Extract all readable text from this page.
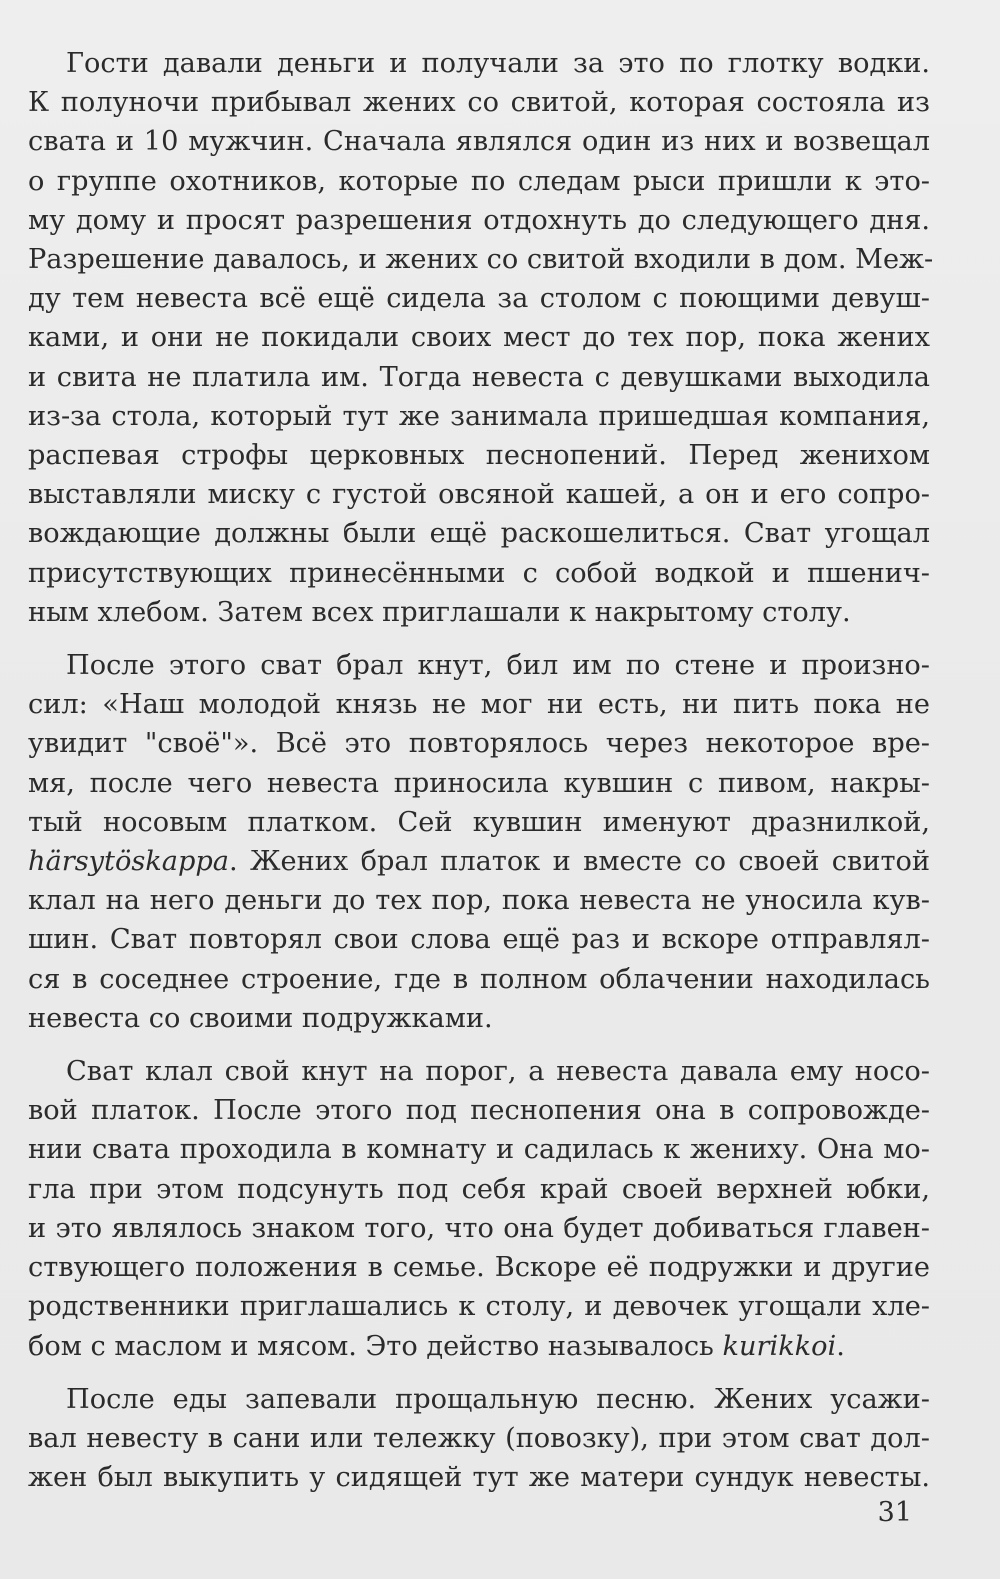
Гости давали деньги и получали за это по глотку водки.
К полуночи прибывал жених со свитой, которая состояла из
свата и 10 мужчин. Сначала являлся один из них и возвещал
о группе охотников, которые по следам рыси пришли к это-
му дому и просят разрешения отдохнуть до следующего дня.
Разрешение давалось, и жених со свитой входили в дом. Меж-
ду тем невеста всё ещё сидела за столом с поющими девуш-
ками, и они не покидали своих мест до тех пор, пока жених
и свита не платила им. Тогда невеста с девушками выходила
из-за стола, который тут же занимала пришедшая компания,
распевая строфы церковных песнопений. Перед женихом
выставляли миску с густой овсяной кашей, а он и его сопро-
вождающие должны были ещё раскошелиться. Сват угощал
присутствующих принесёнными с собой водкой и пшенич-
ным хлебом. Затем всех приглашали к накрытому столу.
После этого сват брал кнут, бил им по стене и произно-
сил: «Наш молодой князь не мог ни есть, ни пить пока не
увидит "своё"». Всё это повторялось через некоторое вре-
мя, после чего невеста приносила кувшин с пивом, накры-
тый носовым платком. Сей кувшин именуют дразнилкой,
härsytöskappa. Жених брал платок и вместе со своей свитой
клал на него деньги до тех пор, пока невеста не уносила кув-
шин. Сват повторял свои слова ещё раз и вскоре отправлял-
ся в соседнее строение, где в полном облачении находилась
невеста со своими подружками.
Сват клал свой кнут на порог, а невеста давала ему носо-
вой платок. После этого под песнопения она в сопровожде-
нии свата проходила в комнату и садилась к жениху. Она мо-
гла при этом подсунуть под себя край своей верхней юбки,
и это являлось знаком того, что она будет добиваться главен-
ствующего положения в семье. Вскоре её подружки и другие
родственники приглашались к столу, и девочек угощали хле-
бом с маслом и мясом. Это действо называлось kurikkoi.
После еды запевали прощальную песню. Жених усажи-
вал невесту в сани или тележку (повозку), при этом сват дол-
жен был выкупить у сидящей тут же матери сундук невесты.
31
